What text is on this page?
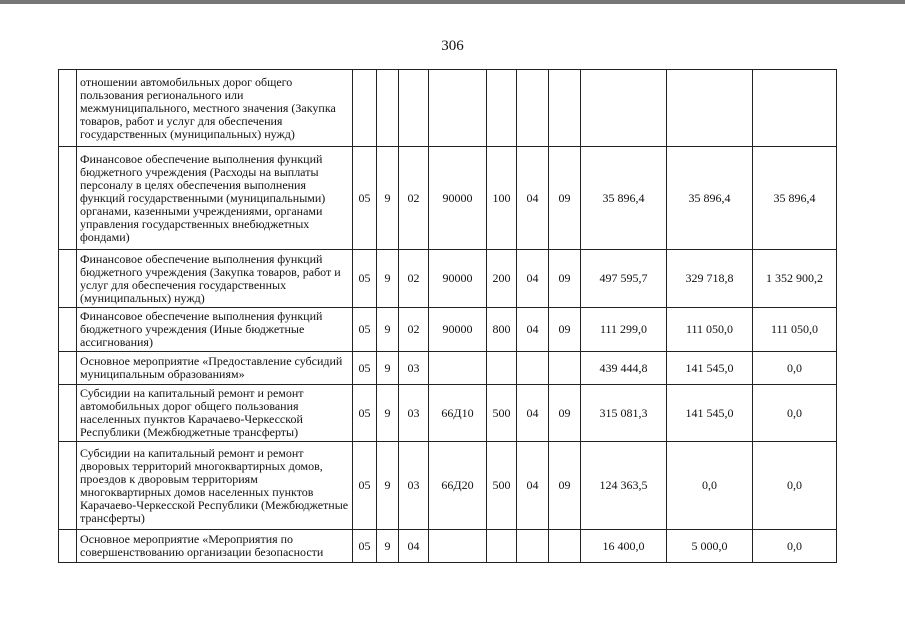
306
	отношении автомобильных дорог общего пользования регионального или межмуниципального, местного значения (Закупка товаров, работ и услуг для обеспечения государственных (муниципальных) нужд)										
	Финансовое обеспечение выполнения функций бюджетного учреждения (Расходы на выплаты персоналу в целях обеспечения выполнения функций государственными (муниципальными) органами, казенными учреждениями, органами управления государственных внебюджетных фондами)	05	9	02	90000	100	04	09	35 896,4	35 896,4	35 896,4
	Финансовое обеспечение выполнения функций бюджетного учреждения (Закупка товаров, работ и услуг для обеспечения государственных (муниципальных) нужд)	05	9	02	90000	200	04	09	497 595,7	329 718,8	1 352 900,2
	Финансовое обеспечение выполнения функций бюджетного учреждения (Иные бюджетные ассигнования)	05	9	02	90000	800	04	09	111 299,0	111 050,0	111 050,0
	Основное мероприятие «Предоставление субсидий муниципальным образованиям»	05	9	03					439 444,8	141 545,0	0,0
	Субсидии на капитальный ремонт и ремонт автомобильных дорог общего пользования населенных пунктов Карачаево-Черкесской Республики (Межбюджетные трансферты)	05	9	03	66Д10	500	04	09	315 081,3	141 545,0	0,0
	Субсидии на капитальный ремонт и ремонт дворовых территорий многоквартирных домов, проездов к дворовым территориям многоквартирных домов населенных пунктов Карачаево-Черкесской Республики (Межбюджетные трансферты)	05	9	03	66Д20	500	04	09	124 363,5	0,0	0,0
	Основное мероприятие «Мероприятия по совершенствованию организации безопасности	05	9	04					16 400,0	5 000,0	0,0
